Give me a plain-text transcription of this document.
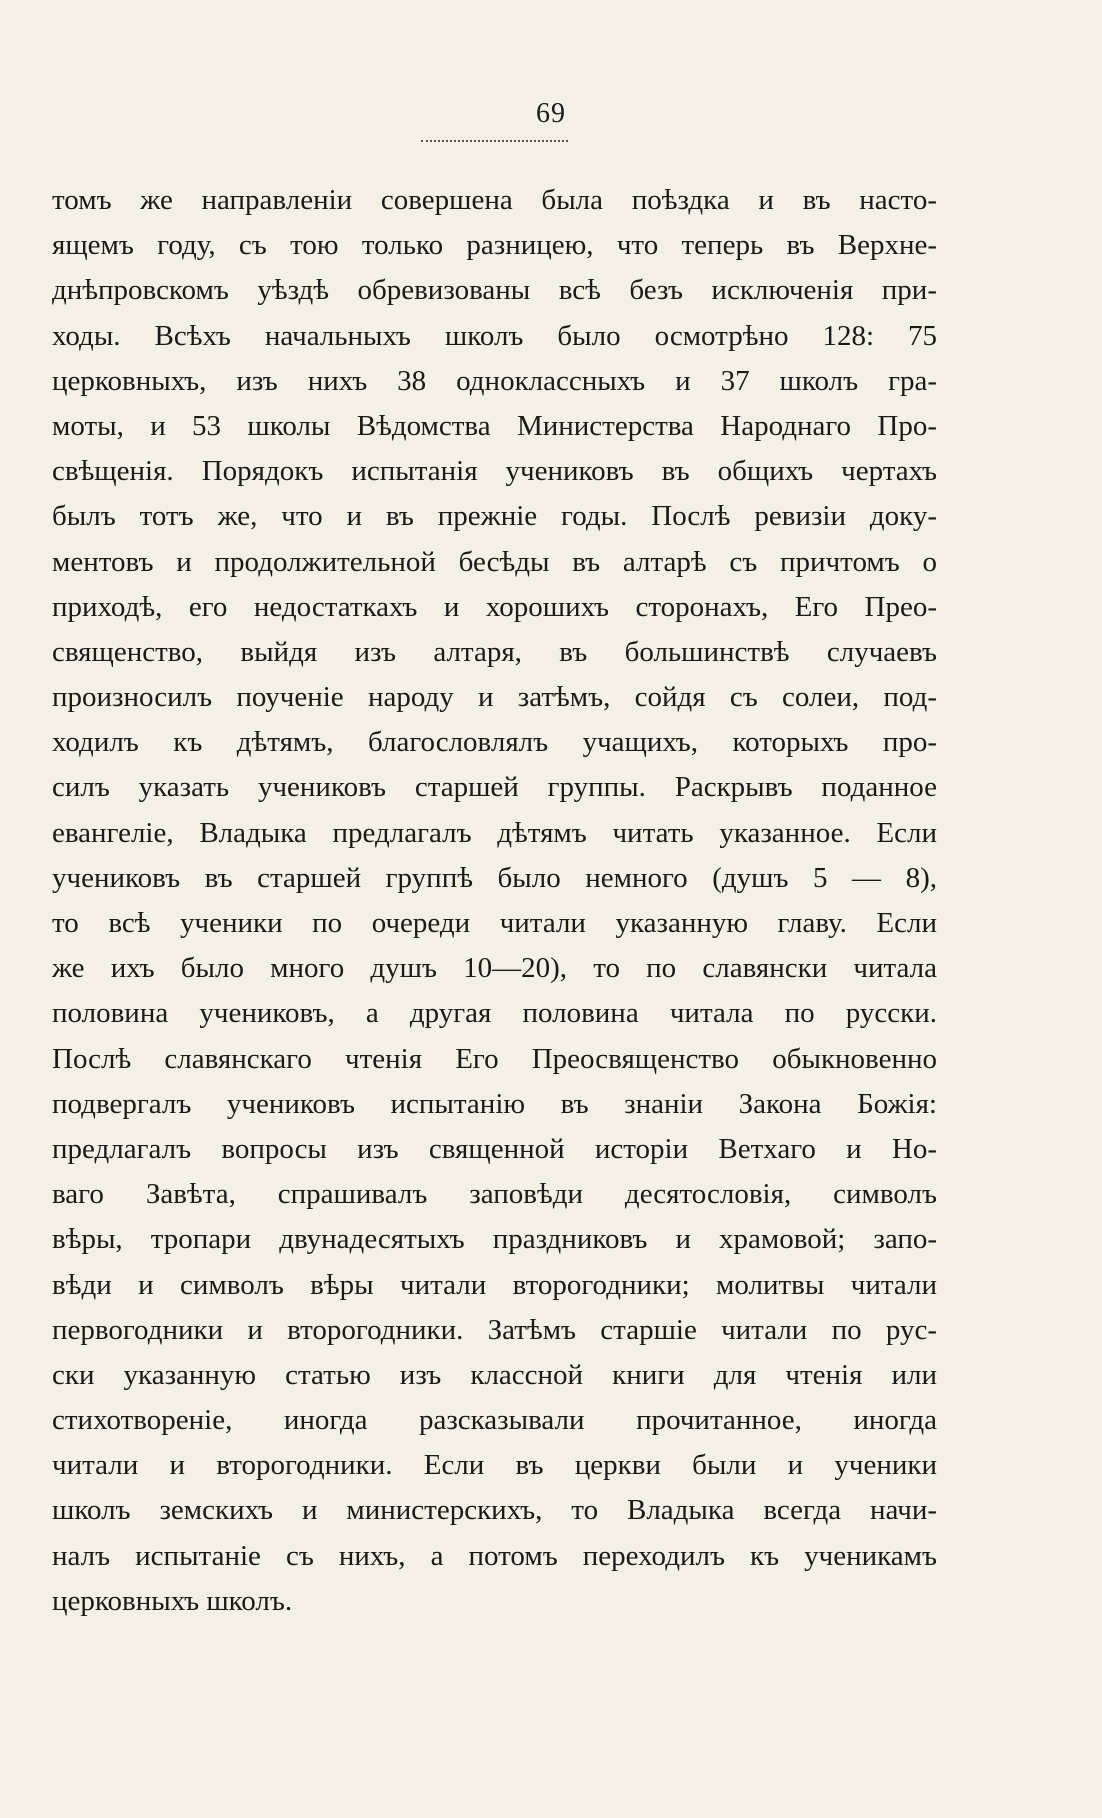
69
томъ же направленіи совершена была поѣздка и въ насто-
ящемъ году, съ тою только разницею, что теперь въ Верхне-
днѣпровскомъ уѣздѣ обревизованы всѣ безъ исключенія при-
ходы. Всѣхъ начальныхъ школъ было осмотрѣно 128: 75
церковныхъ, изъ нихъ 38 одноклассныхъ и 37 школъ гра-
моты, и 53 школы Вѣдомства Министерства Народнаго Про-
свѣщенія. Порядокъ испытанія учениковъ въ общихъ чертахъ
былъ тотъ же, что и въ прежніе годы. Послѣ ревизіи доку-
ментовъ и продолжительной бесѣды въ алтарѣ съ причтомъ о
приходѣ, его недостаткахъ и хорошихъ сторонахъ, Его Прео-
священство, выйдя изъ алтаря, въ большинствѣ случаевъ
произносилъ поученіе народу и затѣмъ, сойдя съ солеи, под-
ходилъ къ дѣтямъ, благословлялъ учащихъ, которыхъ про-
силъ указать учениковъ старшей группы. Раскрывъ поданное
евангеліе, Владыка предлагалъ дѣтямъ читать указанное. Если
учениковъ въ старшей группѣ было немного (душъ 5 — 8),
то всѣ ученики по очереди читали указанную главу. Если
же ихъ было много душъ 10—20), то по славянски читала
половина учениковъ, а другая половина читала по русски.
Послѣ славянскаго чтенія Его Преосвященство обыкновенно
подвергалъ учениковъ испытанію въ знаніи Закона Божія:
предлагалъ вопросы изъ священной исторіи Ветхаго и Но-
ваго Завѣта, спрашивалъ заповѣди десятословія, символъ
вѣры, тропари двунадесятыхъ праздниковъ и храмовой; запо-
вѣди и символъ вѣры читали второгодники; молитвы читали
первогодники и второгодники. Затѣмъ старшіе читали по рус-
ски указанную статью изъ классной книги для чтенія или
стихотвореніе, иногда разсказывали прочитанное, иногда
читали и второгодники. Если въ церкви были и ученики
школъ земскихъ и министерскихъ, то Владыка всегда начи-
налъ испытаніе съ нихъ, а потомъ переходилъ къ ученикамъ
церковныхъ школъ.
